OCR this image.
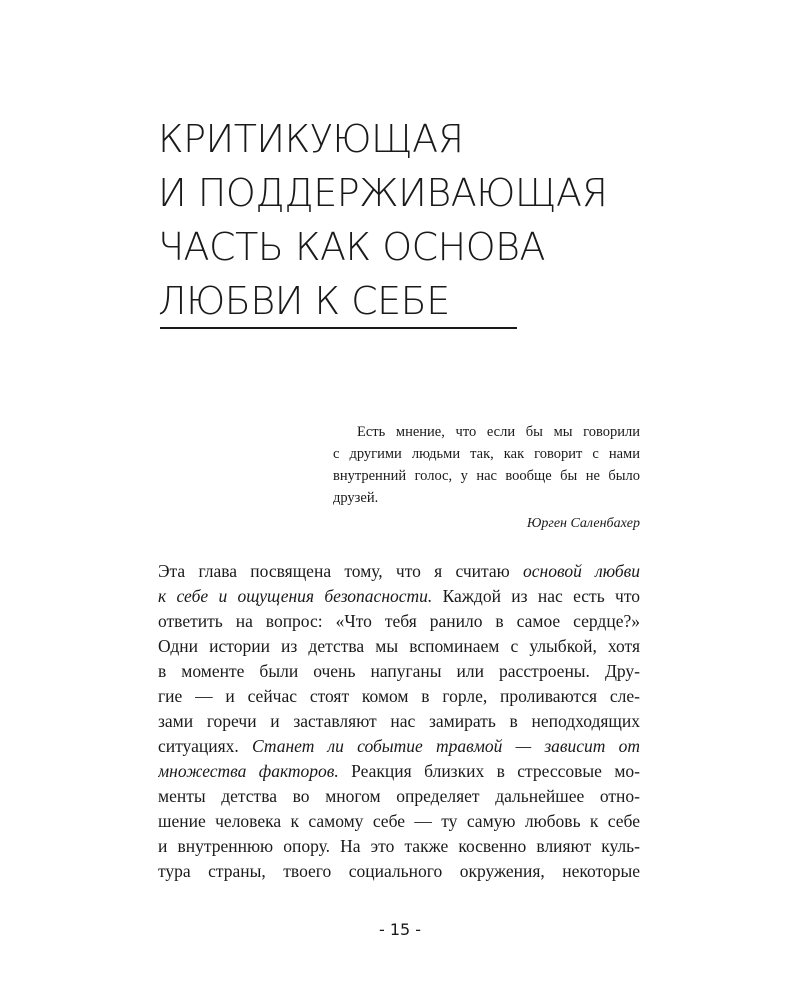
КРИТИКУЮЩАЯ
И ПОДДЕРЖИВАЮЩАЯ
ЧАСТЬ КАК ОСНОВА
ЛЮБВИ К СЕБЕ
Есть мнение, что если бы мы говорили
с другими людьми так, как говорит с нами
внутренний голос, у нас вообще бы не было
друзей.
Юрген Саленбахер
Эта глава посвящена тому, что я считаю основой любви
к себе и ощущения безопасности. Каждой из нас есть что
ответить на вопрос: «Что тебя ранило в самое сердце?»
Одни истории из детства мы вспоминаем с улыбкой, хотя
в моменте были очень напуганы или расстроены. Дру-
гие — и сейчас стоят комом в горле, проливаются сле-
зами горечи и заставляют нас замирать в неподходящих
ситуациях. Станет ли событие травмой — зависит от
множества факторов. Реакция близких в стрессовые мо-
менты детства во многом определяет дальнейшее отно-
шение человека к самому себе — ту самую любовь к себе
и внутреннюю опору. На это также косвенно влияют куль-
тура страны, твоего социального окружения, некоторые
- 15 -
